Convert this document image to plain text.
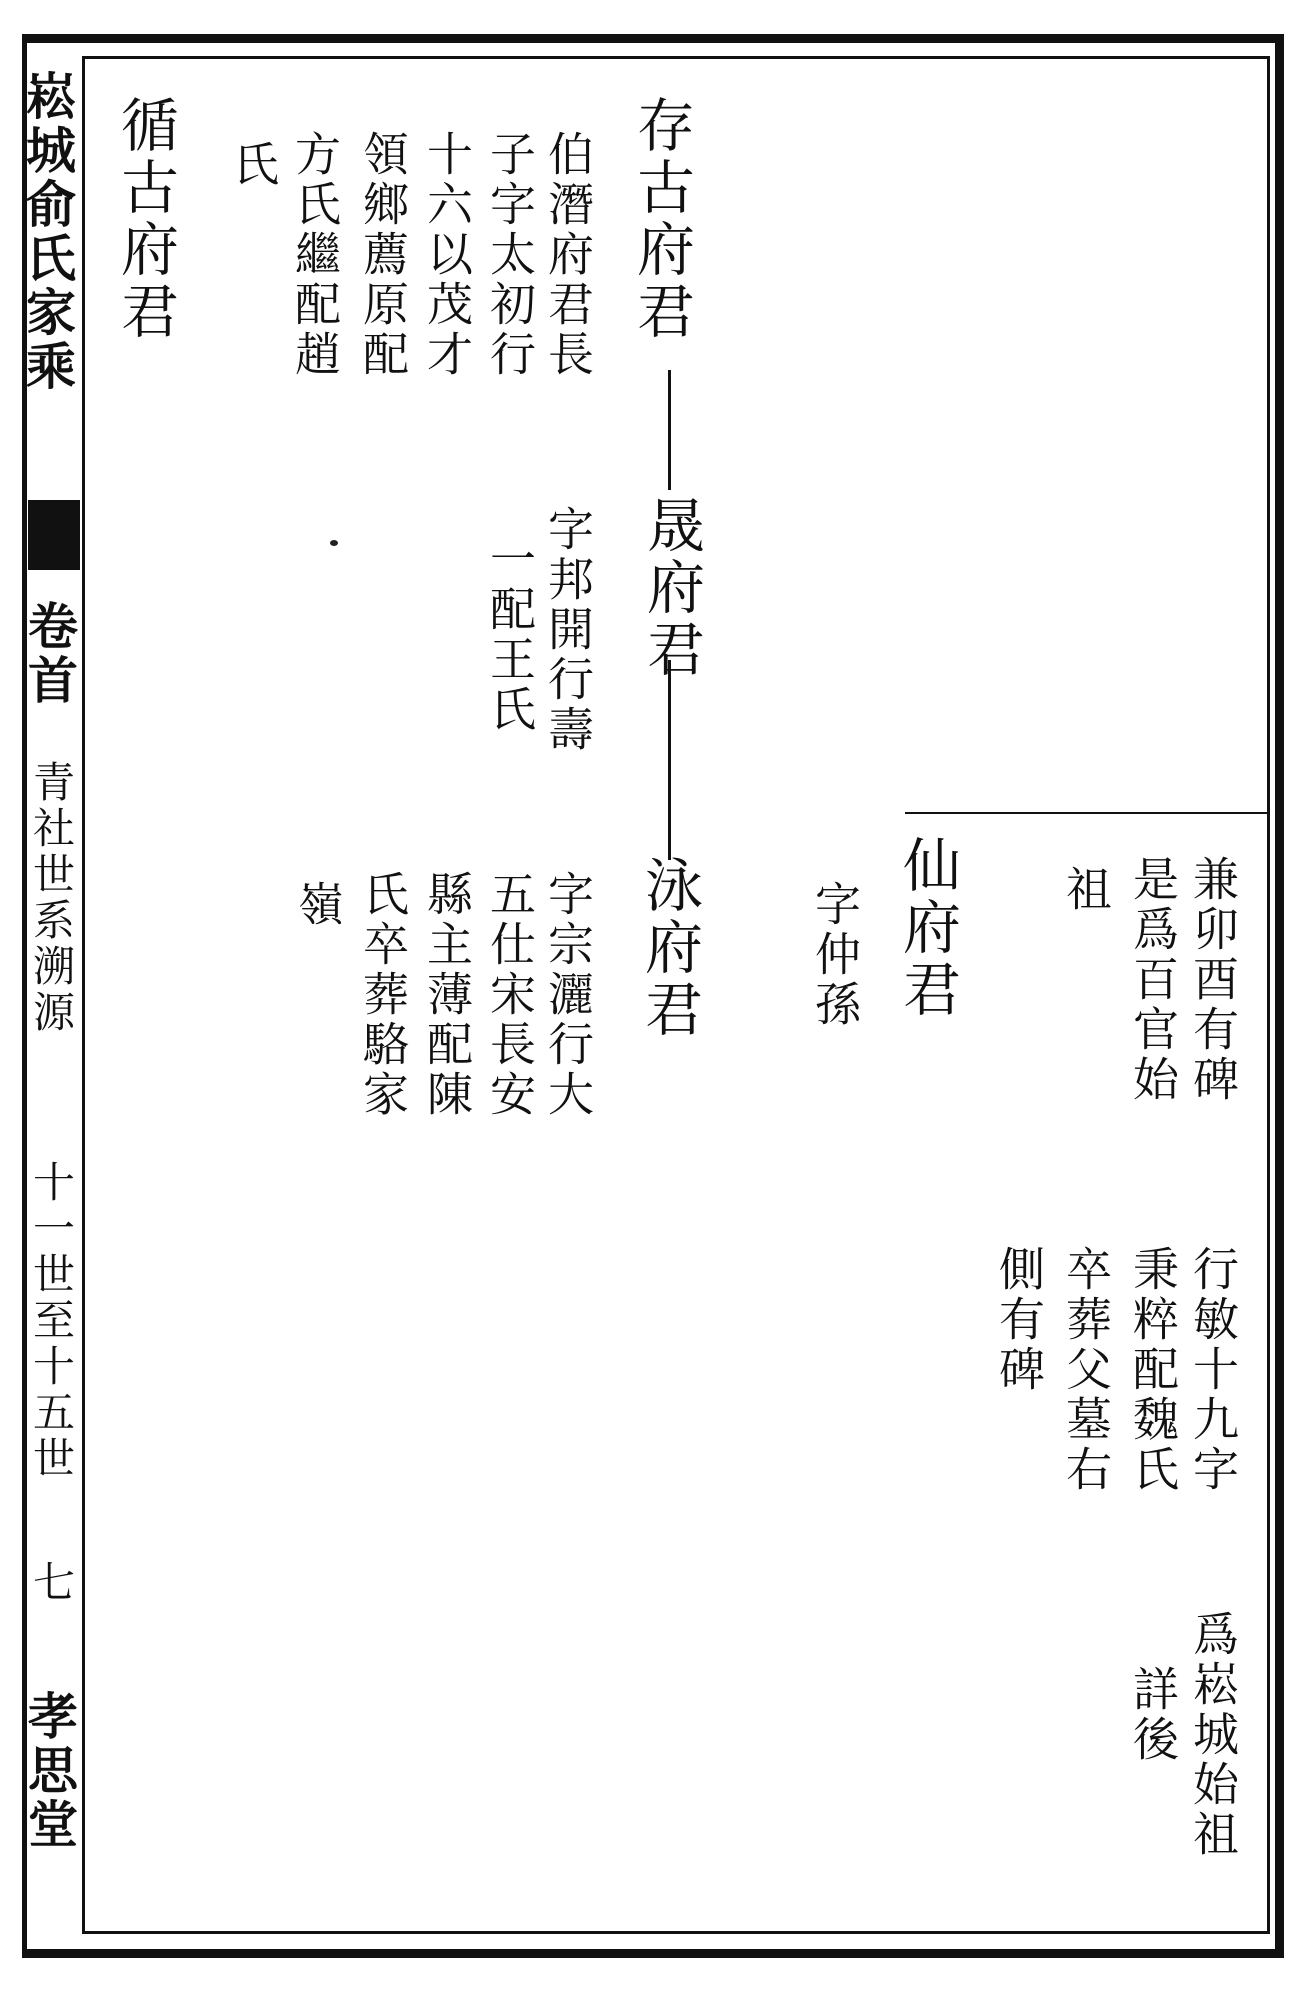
崧城俞氏家乘
卷首
青社世系溯源
十一世至十五世
七
孝思堂
存古府君
伯潛府君長
子字太初行
十六以茂才
領鄉薦原配
方氏繼配趙
氏
循古府君
晟府君
字邦開行壽
一配王氏
泳府君
字宗灑行大
五仕宋長安
縣主薄配陳
氏卒葬駱家
嶺	仙府君
字仲孫	兼卯酉有碑
是爲百官始
祖
行敏十九字
秉粹配魏氏
卒葬父墓右
側有碑
爲崧城始祖
詳後
